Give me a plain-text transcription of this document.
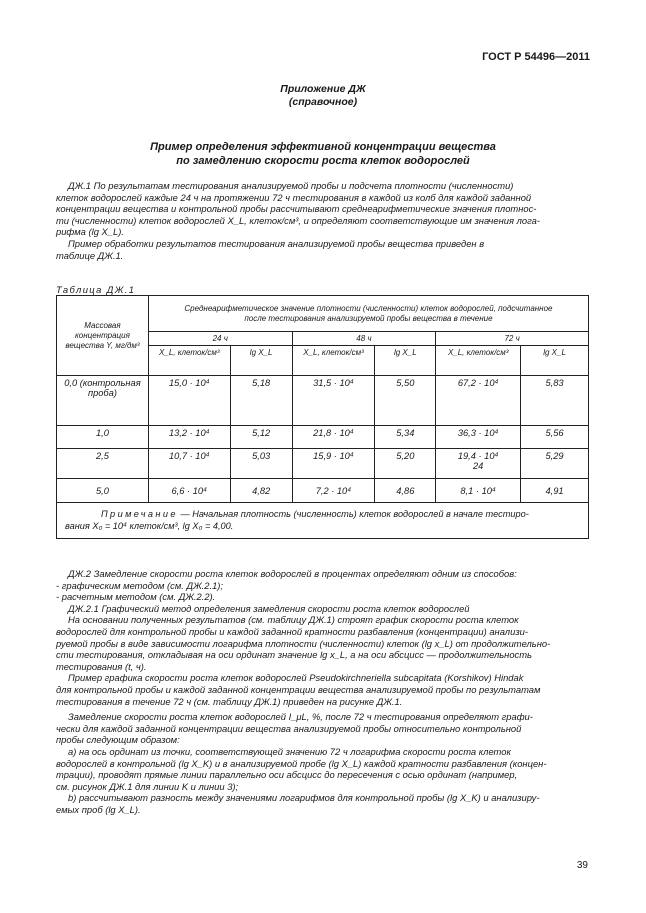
ГОСТ Р 54496—2011
Приложение ДЖ
(справочное)
Пример определения эффективной концентрации вещества
по замедлению скорости роста клеток водорослей
ДЖ.1 По результатам тестирования анализируемой пробы и подсчета плотности (численности)
клеток водорослей каждые 24 ч на протяжении 72 ч тестирования в каждой из колб для каждой заданной
концентрации вещества и контрольной пробы рассчитывают среднеарифметические значения плотнос-
ти (численности) клеток водорослей X_L, клеток/см³, и определяют соответствующие им значения лога-
рифма (lg X_L).
Пример обработки результатов тестирования анализируемой пробы вещества приведен в
таблице ДЖ.1.
Таблица ДЖ.1
Массовая концентрация вещества Y, мг/дм³	Среднеарифметическое значение плотности (численности) клеток водорослей, подсчитанное после тестирования анализируемой пробы вещества в течение					
	24 ч		48 ч		72 ч	
	X_L, клеток/см³	lg X_L	X_L, клеток/см³	lg X_L	X_L, клеток/см³	lg X_L
0,0 (контрольная проба)	15,0 · 10⁴	5,18	31,5 · 10⁴	5,50	67,2 · 10⁴	5,83
1,0	13,2 · 10⁴	5,12	21,8 · 10⁴	5,34	36,3 · 10⁴	5,56
2,5	10,7 · 10⁴	5,03	15,9 · 10⁴	5,20	19,4 · 10⁴ 24	5,29
5,0	6,6 · 10⁴	4,82	7,2 · 10⁴	4,86	8,1 · 10⁴	4,91

Примечание — Начальная плотность (численность) клеток водорослей в начале тестиро-
вания X₀ = 10⁴ клеток/см³, lg X₀ = 4,00.						
ДЖ.2 Замедление скорости роста клеток водорослей в процентах определяют одним из способов:
- графическим методом (см. ДЖ.2.1);
- расчетным методом (см. ДЖ.2.2).
ДЖ.2.1 Графический метод определения замедления скорости роста клеток водорослей
На основании полученных результатов (см. таблицу ДЖ.1) строят график скорости роста клеток
водорослей для контрольной пробы и каждой заданной кратности разбавления (концентрации) анализи-
руемой пробы в виде зависимости логарифма плотности (численности) клеток (lg x_L) от продолжительно-
сти тестирования, откладывая на оси ординат значение lg x_L, а на оси абсцисс — продолжительность
тестирования (t, ч).
Пример графика скорости роста клеток водорослей Pseudokirchneriella subcapitata (Korshikov) Hindak
для контрольной пробы и каждой заданной концентрации вещества анализируемой пробы по результатам
тестирования в течение 72 ч (см. таблицу ДЖ.1) приведен на рисунке ДЖ.1.
Замедление скорости роста клеток водорослей I_μL, %, после 72 ч тестирования определяют графи-
чески для каждой заданной концентрации вещества анализируемой пробы относительно контрольной
пробы следующим образом:
а) на ось ординат из точки, соответствующей значению 72 ч логарифма скорости роста клеток
водорослей в контрольной (lg X_K) и в анализируемой пробе (lg X_L) каждой кратности разбавления (концен-
трации), проводят прямые линии параллельно оси абсцисс до пересечения с осью ординат (например,
см. рисунок ДЖ.1 для линии K и линии 3);
b) рассчитывают разность между значениями логарифмов для контрольной пробы (lg X_K) и анализиру-
емых проб (lg X_L).
39
